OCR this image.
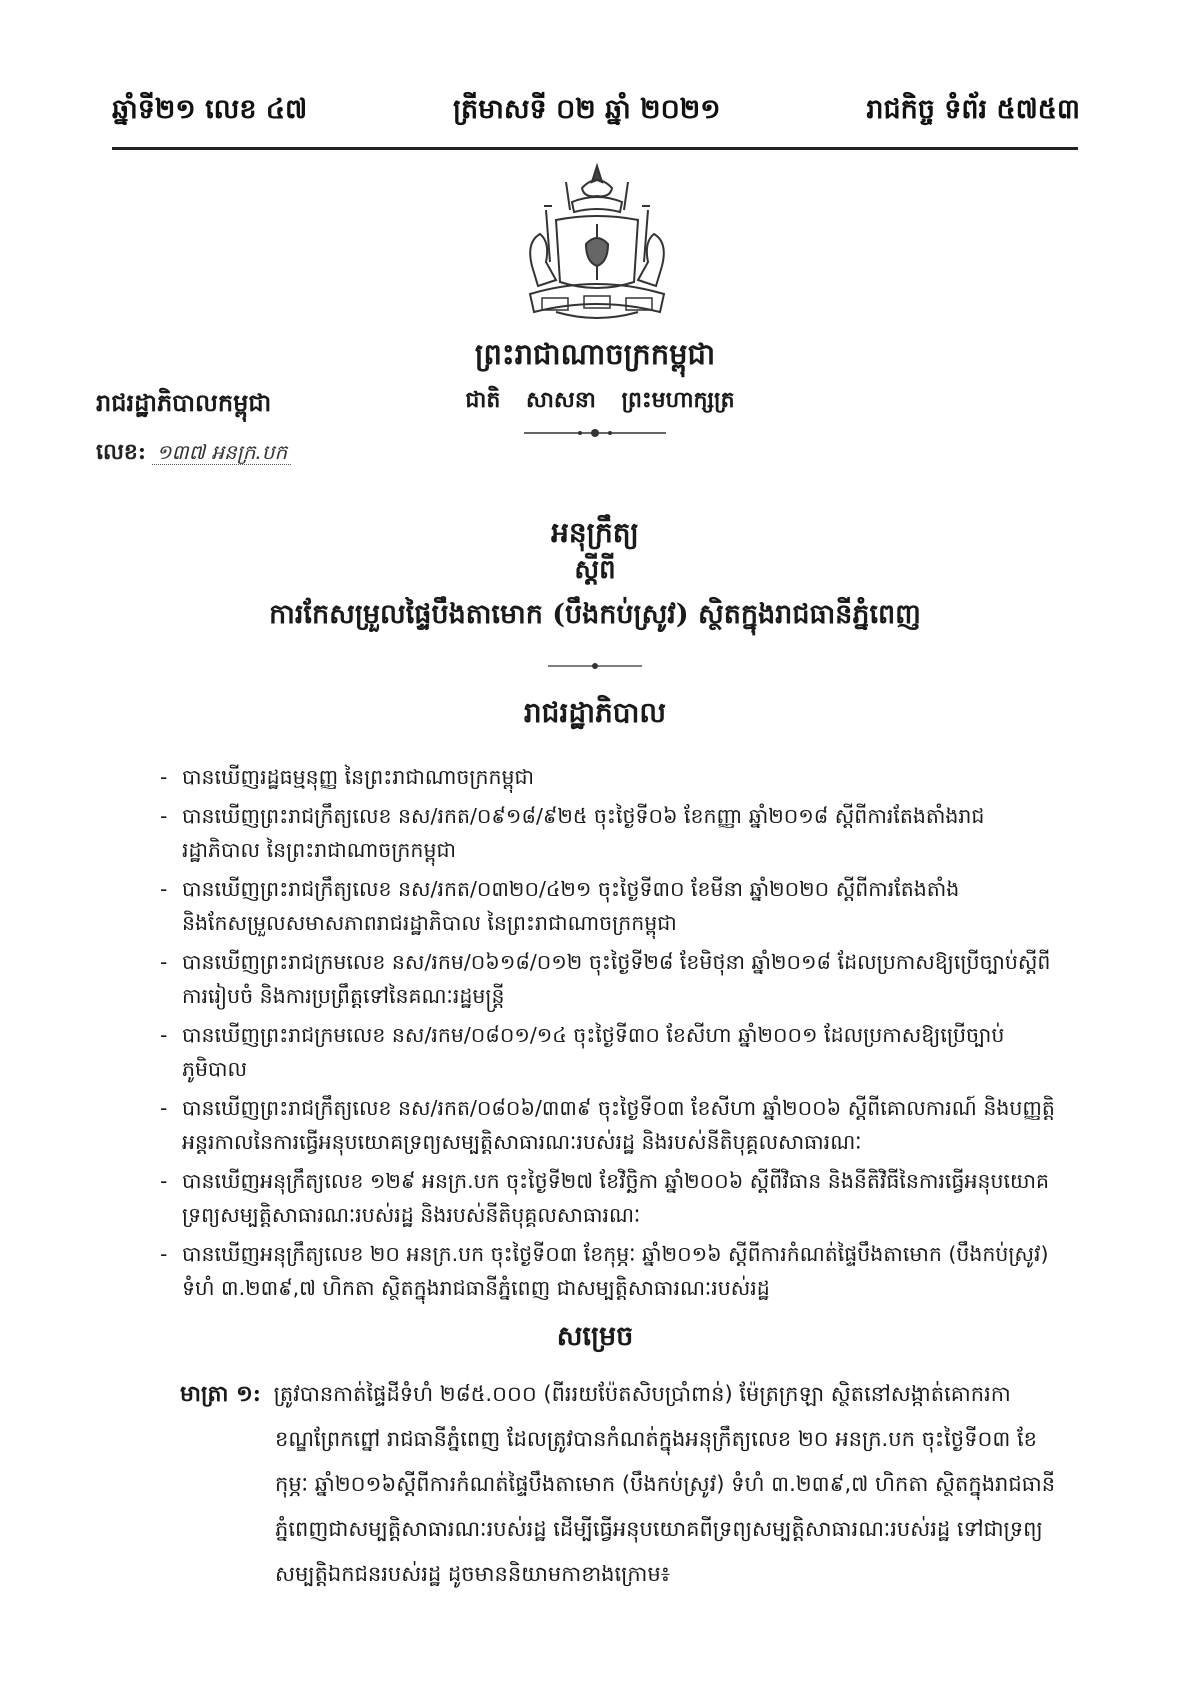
ឆ្នាំទី២១ លេខ ៤៧	ត្រីមាសទី ០២ ឆ្នាំ ២០២១	រាជកិច្ច ទំព័រ ៥៧៥៣
ព្រះរាជាណាចក្រកម្ពុជា
ជាតិ សាសនា ព្រះមហាក្សត្រ
រាជរដ្ឋាភិបាលកម្ពុជា
លេខ: ១៣៧ អនក្រ.បក
អនុក្រឹត្យ
ស្តីពី
ការកែសម្រួលផ្ទៃបឹងតាមោក (បឹងកប់ស្រូវ) ស្ថិតក្នុងរាជធានីភ្នំពេញ
រាជរដ្ឋាភិបាល
- បានឃើញរដ្ឋធម្មនុញ្ញ នៃព្រះរាជាណាចក្រកម្ពុជា
- បានឃើញព្រះរាជក្រឹត្យលេខ នស/រកត/០៩១៨/៩២៥ ចុះថ្ងៃទី០៦ ខែកញ្ញា ឆ្នាំ២០១៨ ស្តីពីការតែងតាំងរាជរដ្ឋាភិបាល នៃព្រះរាជាណាចក្រកម្ពុជា
- បានឃើញព្រះរាជក្រឹត្យលេខ នស/រកត/០៣២០/៤២១ ចុះថ្ងៃទី៣០ ខែមីនា ឆ្នាំ២០២០ ស្តីពីការតែងតាំង និងកែសម្រួលសមាសភាពរាជរដ្ឋាភិបាល នៃព្រះរាជាណាចក្រកម្ពុជា
- បានឃើញព្រះរាជក្រមលេខ នស/រកម/០៦១៨/០១២ ចុះថ្ងៃទី២៨ ខែមិថុនា ឆ្នាំ២០១៨ ដែលប្រកាសឱ្យប្រើច្បាប់ស្តីពីការរៀបចំ និងការប្រព្រឹត្តទៅនៃគណៈរដ្ឋមន្ត្រី
- បានឃើញព្រះរាជក្រមលេខ នស/រកម/០៨០១/១៤ ចុះថ្ងៃទី៣០ ខែសីហា ឆ្នាំ២០០១ ដែលប្រកាសឱ្យប្រើច្បាប់ភូមិបាល
- បានឃើញព្រះរាជក្រឹត្យលេខ នស/រកត/០៨០៦/៣៣៩ ចុះថ្ងៃទី០៣ ខែសីហា ឆ្នាំ២០០៦ ស្តីពីគោលការណ៍ និងបញ្ញត្តិអន្តរកាលនៃការធ្វើអនុបយោគទ្រព្យសម្បត្តិសាធារណៈរបស់រដ្ឋ និងរបស់នីតិបុគ្គលសាធារណៈ
- បានឃើញអនុក្រឹត្យលេខ ១២៩ អនក្រ.បក ចុះថ្ងៃទី២៧ ខែវិច្ឆិកា ឆ្នាំ២០០៦ ស្តីពីវិធាន និងនីតិវិធីនៃការធ្វើអនុបយោគទ្រព្យសម្បត្តិសាធារណៈរបស់រដ្ឋ និងរបស់នីតិបុគ្គលសាធារណៈ
- បានឃើញអនុក្រឹត្យលេខ ២០ អនក្រ.បក ចុះថ្ងៃទី០៣ ខែកុម្ភៈ ឆ្នាំ២០១៦ ស្តីពីការកំណត់ផ្ទៃបឹងតាមោក (បឹងកប់ស្រូវ) ទំហំ ៣.២៣៩,៧ ហិកតា ស្ថិតក្នុងរាជធានីភ្នំពេញ ជាសម្បត្តិសាធារណៈរបស់រដ្ឋ
សម្រេច
មាត្រា ១: ត្រូវបានកាត់ផ្ទៃដីទំហំ ២៨៥.០០០ (ពីររយប៉ែតសិបប្រាំពាន់) ម៉ែត្រក្រឡា ស្ថិតនៅសង្កាត់គោករកា
ខណ្ឌព្រែកព្នៅ រាជធានីភ្នំពេញ ដែលត្រូវបានកំណត់ក្នុងអនុក្រឹត្យលេខ ២០ អនក្រ.បក ចុះថ្ងៃទី០៣ ខែកុម្ភៈ ឆ្នាំ២០១៦ស្តីពីការកំណត់ផ្ទៃបឹងតាមោក (បឹងកប់ស្រូវ) ទំហំ ៣.២៣៩,៧ ហិកតា ស្ថិតក្នុងរាជធានីភ្នំពេញជាសម្បត្តិសាធារណៈរបស់រដ្ឋ ដើម្បីធ្វើអនុបយោគពីទ្រព្យសម្បត្តិសាធារណៈរបស់រដ្ឋ ទៅជាទ្រព្យសម្បត្តិឯកជនរបស់រដ្ឋ ដូចមាននិយាមកាខាងក្រោម៖
